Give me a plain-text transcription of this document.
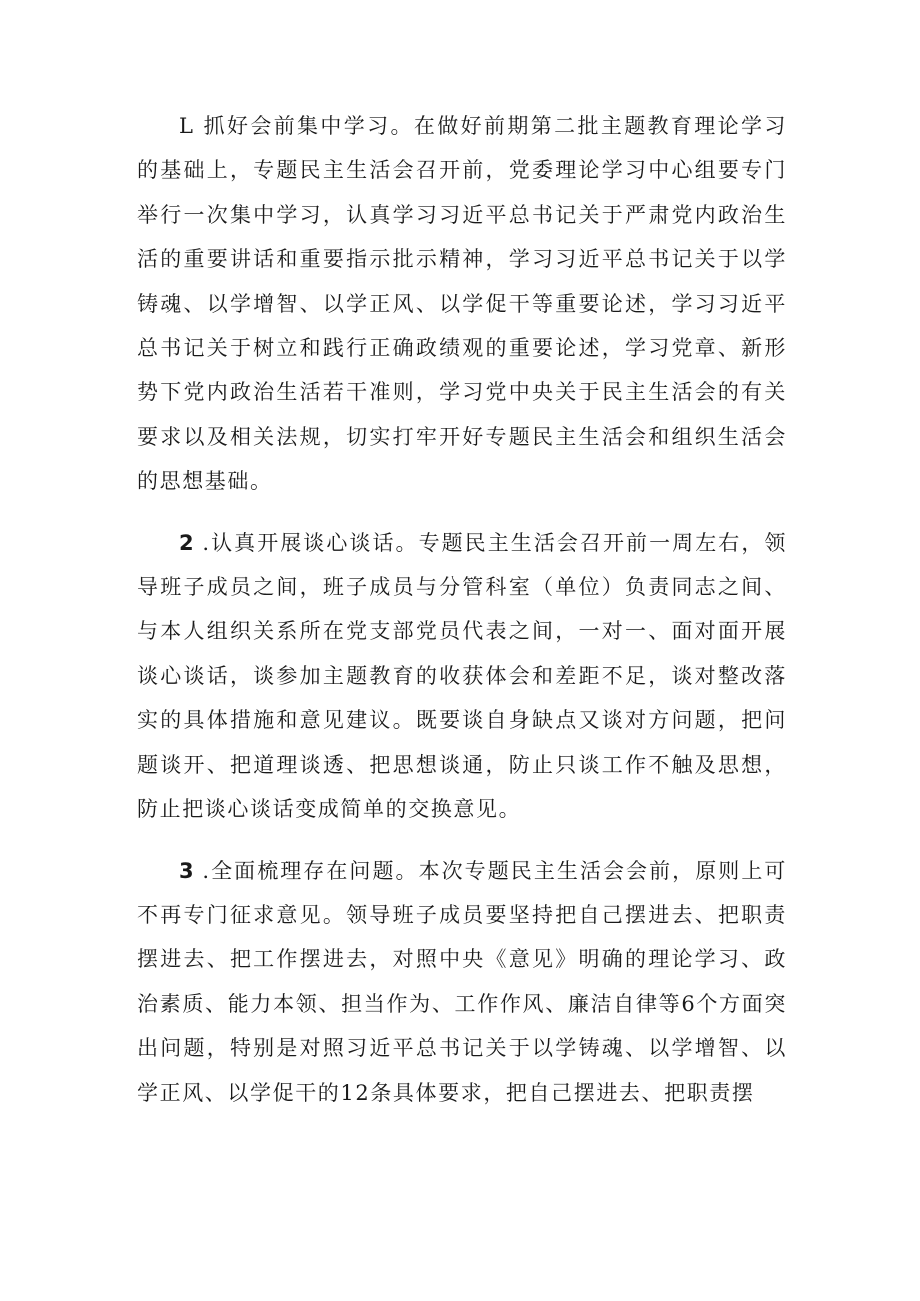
L 抓好会前集中学习。在做好前期第二批主题教育理论学习的基础上，专题民主生活会召开前，党委理论学习中心组要专门举行一次集中学习，认真学习习近平总书记关于严肃党内政治生活的重要讲话和重要指示批示精神，学习习近平总书记关于以学铸魂、以学增智、以学正风、以学促干等重要论述，学习习近平总书记关于树立和践行正确政绩观的重要论述，学习党章、新形势下党内政治生活若干准则，学习党中央关于民主生活会的有关要求以及相关法规，切实打牢开好专题民主生活会和组织生活会的思想基础。

2 .认真开展谈心谈话。专题民主生活会召开前一周左右，领导班子成员之间，班子成员与分管科室（单位）负责同志之间、与本人组织关系所在党支部党员代表之间，一对一、面对面开展谈心谈话，谈参加主题教育的收获体会和差距不足，谈对整改落实的具体措施和意见建议。既要谈自身缺点又谈对方问题，把问题谈开、把道理谈透、把思想谈通，防止只谈工作不触及思想，防止把谈心谈话变成简单的交换意见。

3 .全面梳理存在问题。本次专题民主生活会会前，原则上可不再专门征求意见。领导班子成员要坚持把自己摆进去、把职责摆进去、把工作摆进去，对照中央《意见》明确的理论学习、政治素质、能力本领、担当作为、工作作风、廉洁自律等6个方面突出问题，特别是对照习近平总书记关于以学铸魂、以学增智、以学正风、以学促干的12条具体要求，把自己摆进去、把职责摆
